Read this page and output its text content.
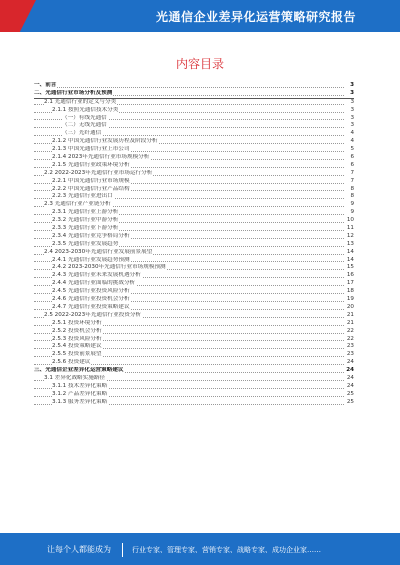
光通信企业差异化运营策略研究报告
内容目录
一、前言	3
二、光通信行业市场分析及预测	3
2.1 光通信行业的定义与分类	3
2.1.1 按照光通信技术分类	3
（一）有线光通信	3
（二）无线光通信	3
（三）光纤通信	4
2.1.2 中国光通信行业发展历程及阶段分析	4
2.1.3 中国光通信行业上市公司	5
2.1.4 2023年光通信行业市场规模分析	6
2.1.5 光通信行业政策环境分析	6
2.2 2022-2023年光通信行业市场运行分析	7
2.2.1 中国光通信行业市场规模	7
2.2.2 中国光通信行业产品结构	8
2.2.3 光通信行业进出口	8
2.3 光通信行业产业链分析	9
2.3.1 光通信行业上游分析	9
2.3.2 光通信行业中游分析	10
2.3.3 光通信行业下游分析	11
2.3.4 光通信行业竞争格局分析	12
2.3.5 光通信行业发展趋势	13
2.4 2023-2030年光通信行业发展前景展望	14
2.4.1 光通信行业发展趋势预测	14
2.4.2 2023-2030年光通信行业市场规模预测	15
2.4.3 光通信行业未来发展机遇分析	16
2.4.4 光通信行业面临的挑战分析	17
2.4.5 光通信行业投资风险分析	18
2.4.6 光通信行业投资机会分析	19
2.4.7 光通信行业投资策略建议	20
2.5 2022-2023年光通信行业投资分析	21
2.5.1 投资环境分析	21
2.5.2 投资机会分析	22
2.5.3 投资风险分析	22
2.5.4 投资策略建议	23
2.5.5 投资前景展望	23
2.5.6 投资建议	24
三、光通信企业差异化运营策略建议	24
3.1 差异化战略实施路径	24
3.1.1 技术差异化策略	24
3.1.2 产品差异化策略	25
3.1.3 服务差异化策略	25
让每个人都能成为	行业专家、管理专家、营销专家、战略专家、成功企业家……
